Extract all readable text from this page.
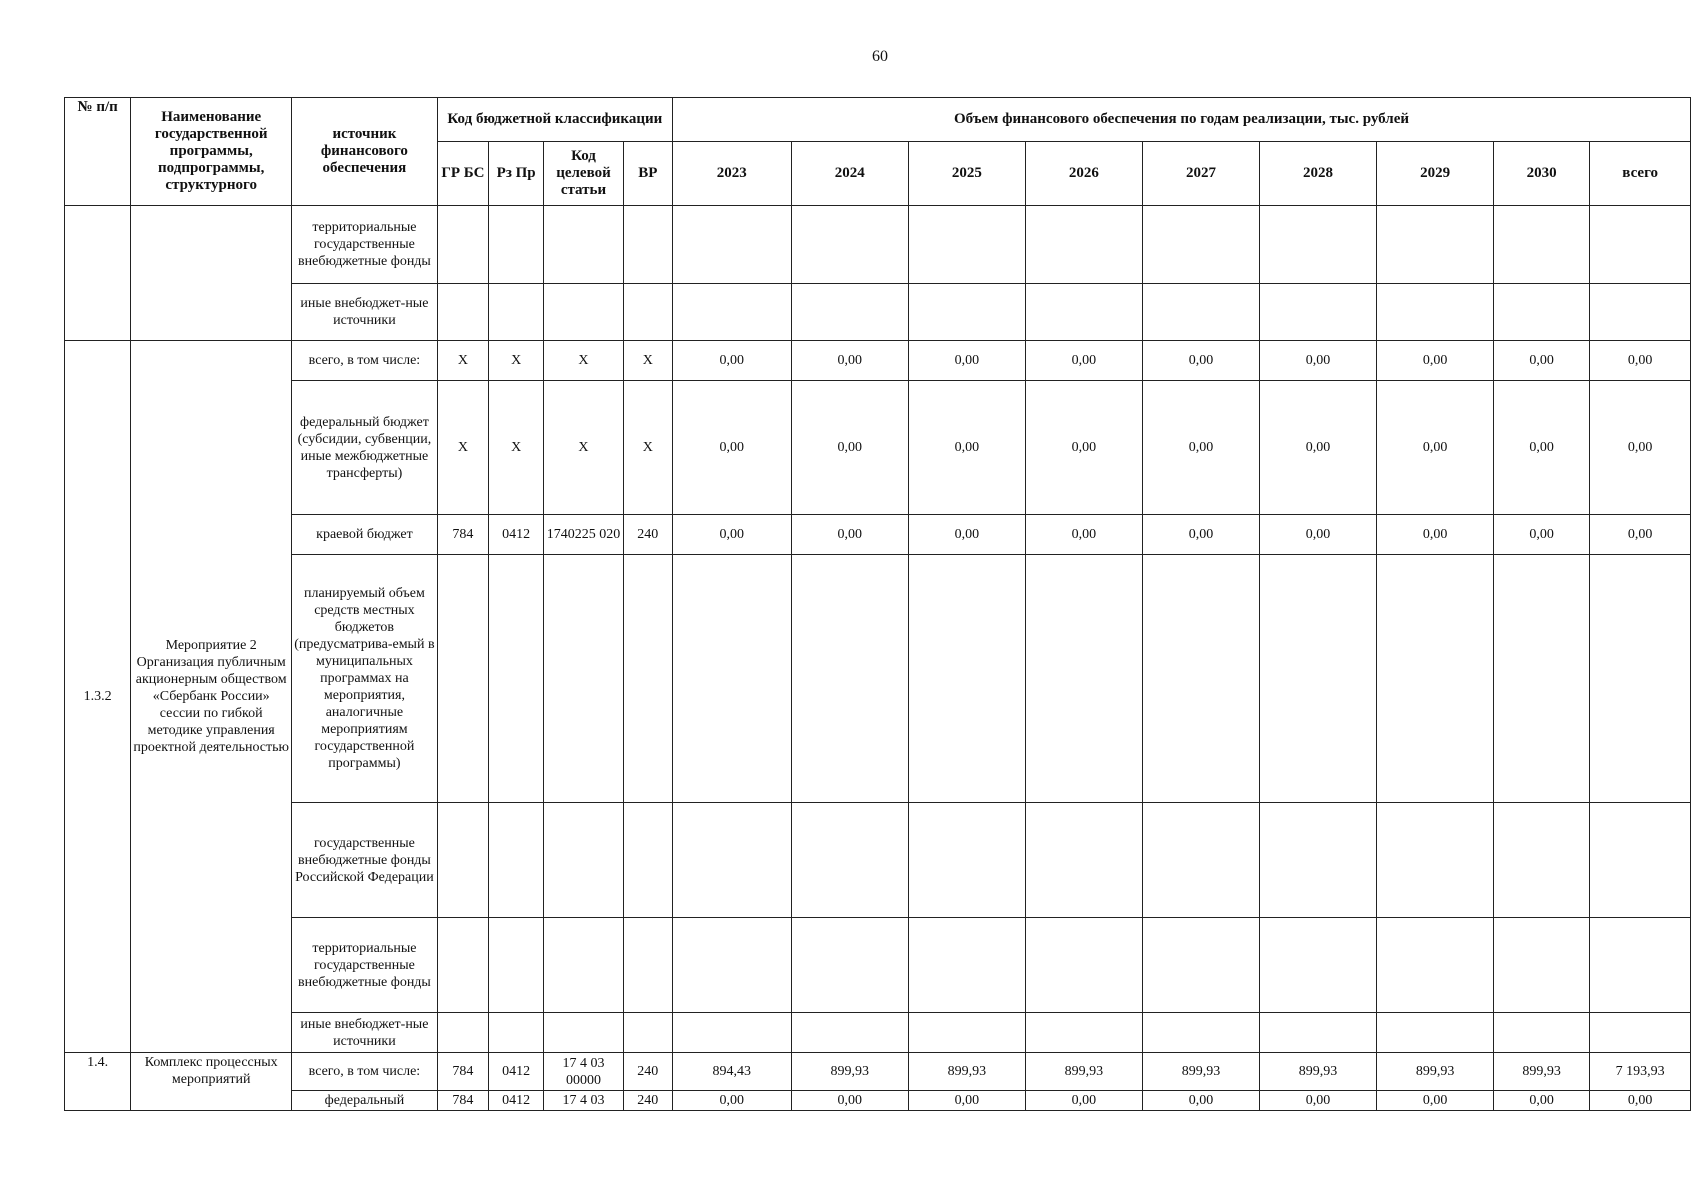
60
№ п/п	Наименование государственной программы, подпрограммы, структурного	источник финансового обеспечения	Код бюджетной классификации				Объем финансового обеспечения по годам реализации, тыс. рублей								
			ГР БС	Рз Пр	Код целевой статьи	ВР	2023	2024	2025	2026	2027	2028	2029	2030	всего
		территориальные государственные внебюджетные фонды													
		иные внебюджет-ные источники													
1.3.2	Мероприятие 2 Организация публичным акционерным обществом «Сбербанк России» сессии по гибкой методике управления проектной деятельностью	всего, в том числе:	Х	Х	Х	Х	0,00	0,00	0,00	0,00	0,00	0,00	0,00	0,00	0,00
		федеральный бюджет (субсидии, субвенции, иные межбюджетные трансферты)	Х	Х	Х	Х	0,00	0,00	0,00	0,00	0,00	0,00	0,00	0,00	0,00
		краевой бюджет	784	0412	1740225 020	240	0,00	0,00	0,00	0,00	0,00	0,00	0,00	0,00	0,00
		планируемый объем средств местных бюджетов (предусматрива-емый в муниципальных программах на мероприятия, аналогичные мероприятиям государственной программы)													
		государственные внебюджетные фонды Российской Федерации													
		территориальные государственные внебюджетные фонды													
		иные внебюджет-ные источники													
1.4.	Комплекс процессных мероприятий	всего, в том числе:	784	0412	17 4 03 00000	240	894,43	899,93	899,93	899,93	899,93	899,93	899,93	899,93	7 193,93
		федеральный	784	0412	17 4 03	240	0,00	0,00	0,00	0,00	0,00	0,00	0,00	0,00	0,00
